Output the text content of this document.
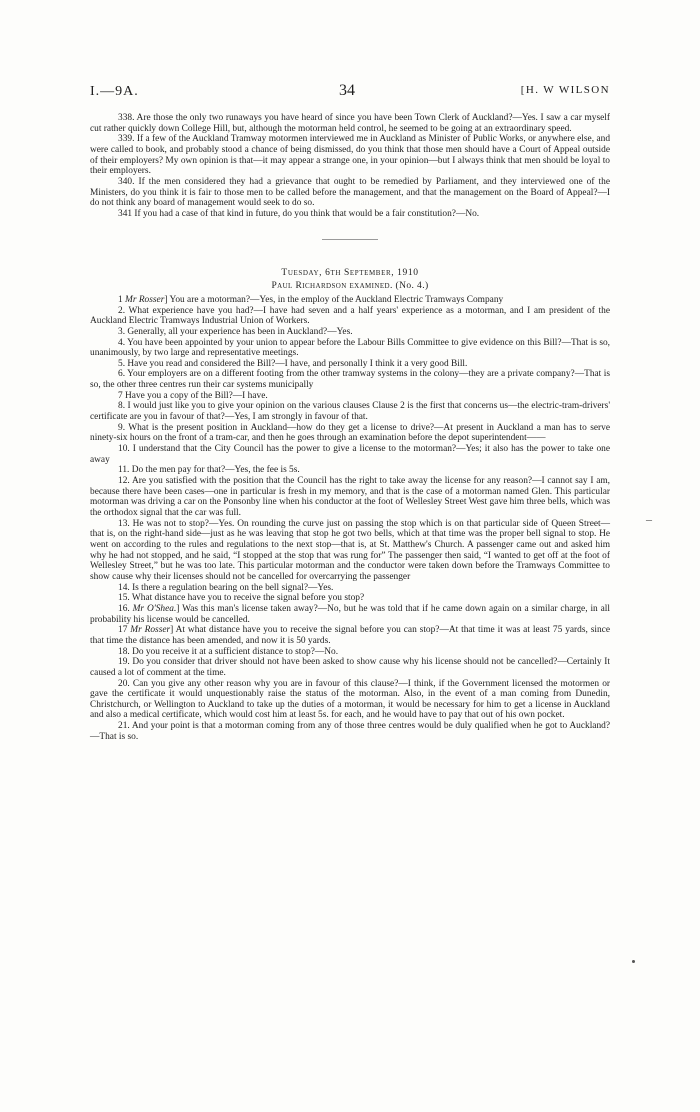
I.—9A.	34	[H. W WILSON

338. Are those the only two runaways you have heard of since you have been Town Clerk of Auckland?—Yes. I saw a car myself cut rather quickly down College Hill, but, although the motorman held control, he seemed to be going at an extraordinary speed.

339. If a few of the Auckland Tramway motormen interviewed me in Auckland as Minister of Public Works, or anywhere else, and were called to book, and probably stood a chance of being dismissed, do you think that those men should have a Court of Appeal outside of their employers? My own opinion is that—it may appear a strange one, in your opinion—but I always think that men should be loyal to their employers.

340. If the men considered they had a grievance that ought to be remedied by Parliament, and they interviewed one of the Ministers, do you think it is fair to those men to be called before the management, and that the management on the Board of Appeal?—I do not think any board of management would seek to do so.

341 If you had a case of that kind in future, do you think that would be a fair constitution?—No.

Tuesday, 6th September, 1910
Paul Richardson examined. (No. 4.)

1 Mr Rosser] You are a motorman?—Yes, in the employ of the Auckland Electric Tramways Company

2. What experience have you had?—I have had seven and a half years' experience as a motorman, and I am president of the Auckland Electric Tramways Industrial Union of Workers.

3. Generally, all your experience has been in Auckland?—Yes.

4. You have been appointed by your union to appear before the Labour Bills Committee to give evidence on this Bill?—That is so, unanimously, by two large and representative meetings.

5. Have you read and considered the Bill?—I have, and personally I think it a very good Bill.

6. Your employers are on a different footing from the other tramway systems in the colony—they are a private company?—That is so, the other three centres run their car systems municipally

7 Have you a copy of the Bill?—I have.

8. I would just like you to give your opinion on the various clauses Clause 2 is the first that concerns us—the electric-tram-drivers' certificate are you in favour of that?—Yes, I am strongly in favour of that.

9. What is the present position in Auckland—how do they get a license to drive?—At present in Auckland a man has to serve ninety-six hours on the front of a tram-car, and then he goes through an examination before the depot superintendent——

10. I understand that the City Council has the power to give a license to the motorman?—Yes; it also has the power to take one away

11. Do the men pay for that?—Yes, the fee is 5s.

12. Are you satisfied with the position that the Council has the right to take away the license for any reason?—I cannot say I am, because there have been cases—one in particular is fresh in my memory, and that is the case of a motorman named Glen. This particular motorman was driving a car on the Ponsonby line when his conductor at the foot of Wellesley Street West gave him three bells, which was the orthodox signal that the car was full.

13. He was not to stop?—Yes. On rounding the curve just on passing the stop which is on that particular side of Queen Street—that is, on the right-hand side—just as he was leaving that stop he got two bells, which at that time was the proper bell signal to stop. He went on according to the rules and regulations to the next stop—that is, at St. Matthew's Church. A passenger came out and asked him why he had not stopped, and he said, “I stopped at the stop that was rung for” The passenger then said, “I wanted to get off at the foot of Wellesley Street,” but he was too late. This particular motorman and the conductor were taken down before the Tramways Committee to show cause why their licenses should not be cancelled for overcarrying the passenger

14. Is there a regulation bearing on the bell signal?—Yes.

15. What distance have you to receive the signal before you stop?

16. Mr O'Shea.] Was this man's license taken away?—No, but he was told that if he came down again on a similar charge, in all probability his license would be cancelled.

17 Mr Rosser] At what distance have you to receive the signal before you can stop?—At that time it was at least 75 yards, since that time the distance has been amended, and now it is 50 yards.

18. Do you receive it at a sufficient distance to stop?—No.

19. Do you consider that driver should not have been asked to show cause why his license should not be cancelled?—Certainly It caused a lot of comment at the time.

20. Can you give any other reason why you are in favour of this clause?—I think, if the Government licensed the motormen or gave the certificate it would unquestionably raise the status of the motorman. Also, in the event of a man coming from Dunedin, Christchurch, or Wellington to Auckland to take up the duties of a motorman, it would be necessary for him to get a license in Auckland and also a medical certificate, which would cost him at least 5s. for each, and he would have to pay that out of his own pocket.

21. And your point is that a motorman coming from any of those three centres would be duly qualified when he got to Auckland?—That is so.

–
